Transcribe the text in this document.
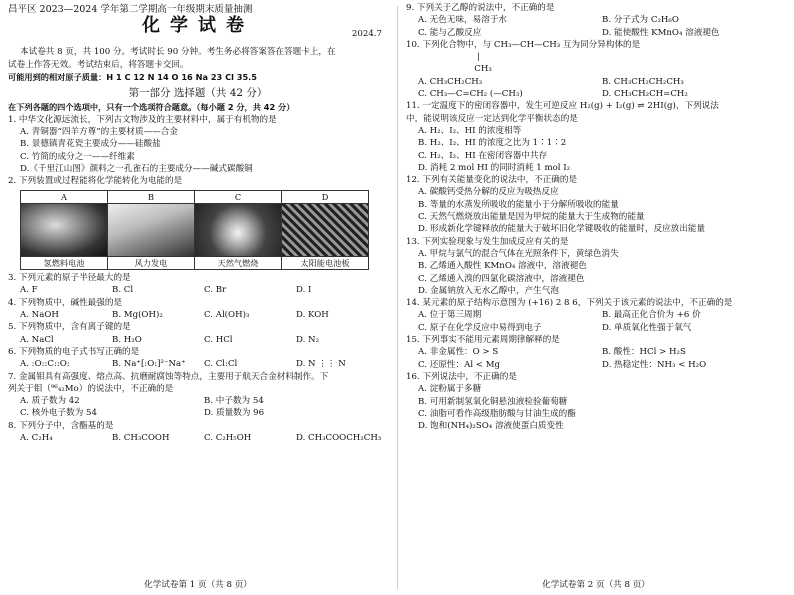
昌平区 2023—2024 学年第二学期高一年级期末质量抽测
化学试卷	2024.7
本试卷共 8 页，共 100 分。考试时长 90 分钟。考生务必将答案答在答题卡上，在
试卷上作答无效。考试结束后，将答题卡交回。
可能用到的相对原子质量：H 1 C 12 N 14 O 16 Na 23 Cl 35.5
第一部分 选择题（共 42 分）
在下列各题的四个选项中，只有一个选项符合题意。（每小题 2 分，共 42 分）
1. 中华文化源远流长，下列古文物涉及的主要材料中，属于有机物的是
A. 青铜器“四羊方尊”的主要材质——合金
B. 景德镇青花瓷主要成分——硅酸盐
C. 竹简的成分之一——纤维素
D.《千里江山图》颜料之一孔雀石的主要成分——碱式碳酸铜
2. 下列装置或过程能将化学能转化为电能的是
A	B	C	D

氢燃料电池	风力发电	天然气燃烧	太阳能电池板
3. 下列元素的原子半径最大的是
A. F	B. Cl	C. Br	D. I
4. 下列物质中，碱性最强的是
A. NaOH	B. Mg(OH)₂	C. Al(OH)₃	D. KOH
5. 下列物质中，含有离子键的是
A. NaCl	B. H₂O	C. HCl	D. N₂
6. 下列物质的电子式书写正确的是
A. :O::C::O:	B. Na⁺[:O:]²⁻Na⁺	C. Cl:Cl	D. N ⋮⋮ N
7. 金属钼具有高强度、熔点高、抗磨耐腐蚀等特点，主要用于航天合金材料制作。下
列关于钼（⁹⁶₄₂Mo）的说法中，不正确的是
A. 质子数为 42	B. 中子数为 54
C. 核外电子数为 54	D. 质量数为 96
8. 下列分子中，含酯基的是
A. C₂H₄	B. CH₃COOH	C. C₂H₅OH	D. CH₃COOCH₂CH₃
化学试卷第 1 页（共 8 页）
9. 下列关于乙醇的说法中，不正确的是
A. 无色无味，易溶于水	B. 分子式为 C₂H₆O
C. 能与乙酸反应	D. 能使酸性 KMnO₄ 溶液褪色
10. 下列化合物中，与 CH₃—CH—CH₃ 互为同分异构体的是
|
CH₃
A. CH₃CH₂CH₃	B. CH₃CH₂CH₂CH₃
C. CH₃—C=CH₂ (—CH₃)	D. CH₃CH₂CH=CH₂
11. 一定温度下的密闭容器中，发生可逆反应 H₂(g) + I₂(g) ⇌ 2HI(g)，下列说法
中，能说明该反应一定达到化学平衡状态的是
A. H₂、I₂、HI 的浓度相等
B. H₂、I₂、HI 的浓度之比为 1∶1∶2
C. H₂、I₂、HI 在密闭容器中共存
D. 消耗 2 mol HI 的同时消耗 1 mol I₂
12. 下列有关能量变化的说法中，不正确的是
A. 碳酸钙受热分解的反应为吸热反应
B. 等量的水蒸发所吸收的能量小于分解所吸收的能量
C. 天然气燃烧放出能量是因为甲烷的能量大于生成物的能量
D. 形成新化学键释放的能量大于破坏旧化学键吸收的能量时，反应放出能量
13. 下列实验现象与发生加成反应有关的是
A. 甲烷与氯气的混合气体在光照条件下，黄绿色消失
B. 乙烯通入酸性 KMnO₄ 溶液中，溶液褪色
C. 乙烯通入溴的四氯化碳溶液中，溶液褪色
D. 金属钠放入无水乙醇中，产生气泡
14. 某元素的原子结构示意图为 (+16) 2 8 6，下列关于该元素的说法中，不正确的是
A. 位于第三周期	B. 最高正化合价为 +6 价
C. 原子在化学反应中易得到电子	D. 单质氧化性强于氧气
15. 下列事实不能用元素周期律解释的是
A. 非金属性：O > S	B. 酸性：HCl > H₂S
C. 还原性：Al < Mg	D. 热稳定性：NH₃ < H₂O
16. 下列说法中，不正确的是
A. 淀粉属于多糖
B. 可用新制氢氧化铜悬浊液检验葡萄糖
C. 油脂可看作高级脂肪酸与甘油生成的酯
D. 饱和(NH₄)₂SO₄ 溶液使蛋白质变性
化学试卷第 2 页（共 8 页）
